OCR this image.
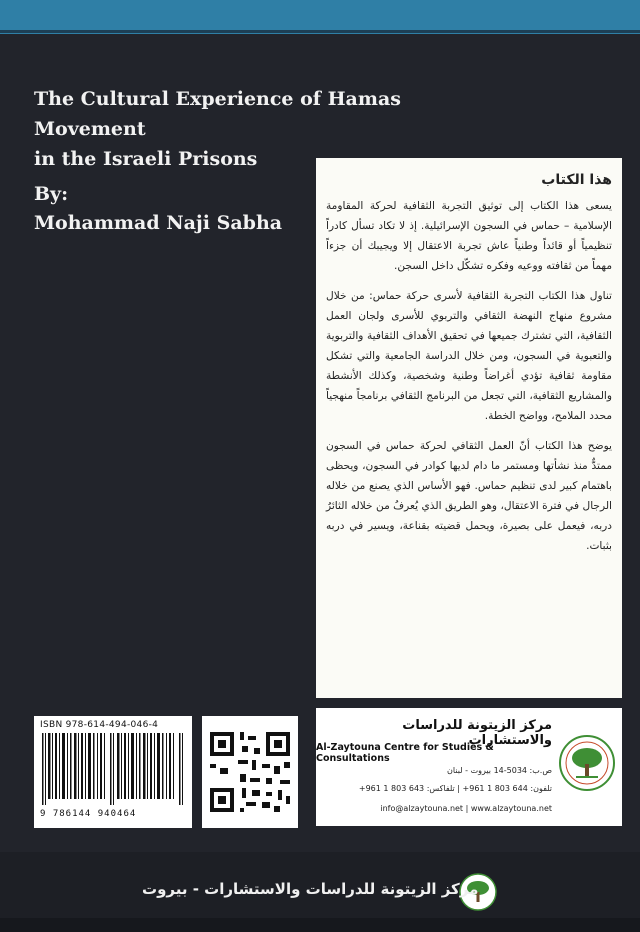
The Cultural Experience of Hamas Movement
in the Israeli Prisons
By:
Mohammad Naji Sabha
هذا الكتاب

يسعى هذا الكتاب إلى توثيق التجربة الثقافية لحركة المقاومة الإسلامية – حماس في السجون الإسرائيلية. إذ لا تكاد تسأل كادراً تنظيمياً أو قائداً وطنياً عاش تجربة الاعتقال إلا ويجيبك أن جزءاً مهماً من ثقافته ووعيه وفكره تشكّل داخل السجن.

تناول هذا الكتاب التجربة الثقافية لأسرى حركة حماس: من خلال مشروع منهاج النهضة الثقافي والتربوي للأسرى ولجان العمل الثقافية، التي تشترك جميعها في تحقيق الأهداف الثقافية والتربوية والتعبوية في السجون، ومن خلال الدراسة الجامعية والتي تشكل مقاومة ثقافية تؤدي أغراضاً وطنية وشخصية، وكذلك الأنشطة والمشاريع الثقافية، التي تجعل من البرنامج الثقافي برنامجاً منهجياً محدد الملامح، وواضح الخطة.

يوضح هذا الكتاب أنّ العمل الثقافي لحركة حماس في السجون ممتدٌّ منذ نشأتها ومستمر ما دام لديها كوادر في السجون، ويحظى باهتمام كبير لدى تنظيم حماس. فهو الأساس الذي يصنع من خلاله الرجال في فترة الاعتقال، وهو الطريق الذي يُعرفُ من خلاله الثائرُ دربه، فيعمل على بصيرة، ويحمل قضيته بقناعة، ويسير في دربه بثبات.

ISBN 978-614-494-046-4
9 786144 940464
مركز الزيتونة للدراسات والاستشارات
Al-Zaytouna Centre for Studies & Consultations
ص.ب: 5034-14 بيروت - لبنان
تلفون: 644 803 1 961+ | تلفاكس: 643 803 1 961+
info@alzaytouna.net | www.alzaytouna.net
مركز الزيتونة للدراسات والاستشارات - بيروت
